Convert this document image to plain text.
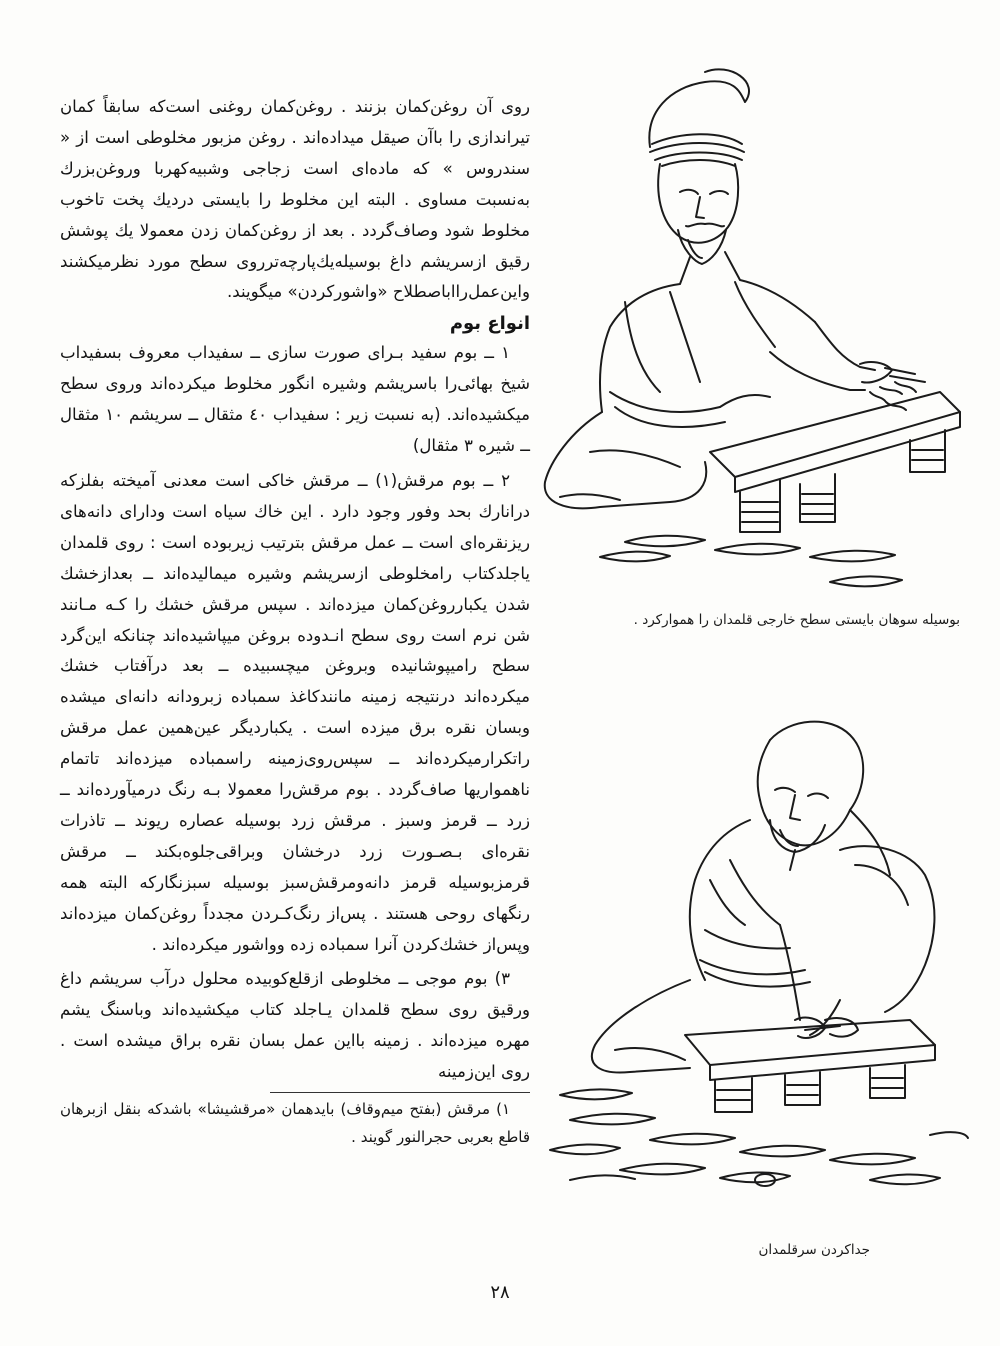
روی آن روغن‌کمان بزنند . روغن‌کمان روغنی است‌که سابقاً کمان تیراندازی را باآن صیقل میداده‌اند . روغن مزبور مخلوطی است از « سندروس » که ماده‌ای است زجاجی وشبیه‌کهربا وروغن‌بزرك به‌نسبت مساوی . البته این مخلوط را بایستی دردیك پخت تاخوب مخلوط شود وصاف‌گردد . بعد از روغن‌کمان زدن معمولا يك پوشش رقیق ازسریشم داغ بوسیله‌يك‌پارچه‌تررو‌ی سطح مورد نظرمیکشند واین‌عمل‌رااباصطلاح «واشورکردن» میگویند.

انواع بوم

۱ ــ بوم سفید بـرای صورت سازی ــ سفیداب معروف بسفیداب شیخ بهائی‌را باسریشم وشیره انگور مخلوط میکرده‌اند وروی سطح میکشیده‌اند. (به نسبت زیر : سفیداب ٤۰ مثقال ــ سریشم ۱۰ مثقال ــ شیره ۳ مثقال)

۲ ــ بوم مرقش(۱) ــ مرقش خاکی است معدنی آمیخته بفلزکه درانارك بحد وفور وجود دارد . این خاك سیاه است ودارای دانه‌های ریزنقره‌ای است ــ عمل مرقش بترتیب زیربوده است : روی قلمدان یاجلدکتاب رامخلوطی ازسریشم وشیره میمالیده‌اند ــ بعدازخشك شدن یکبارروغن‌کمان میزده‌اند . سپس مرقش خشك را کـه مـانند شن نرم است روی سطح انـدوده بروغن میپاشیده‌اند چنانکه این‌گرد سطح رامیپوشانیده وبروغن میچسبیده ــ بعد درآفتاب خشك میکرده‌اند درنتیجه زمینه مانندکاغذ سمباده زبرودانه دانه‌ای میشده وبسان نقره برق میزده است . یکباردیگر عین‌همین عمل مرقش راتکرارمیکرده‌اند ــ سپس‌روی‌زمینه راسمباده میزده‌اند تاتمام ناهمواریها صاف‌گردد . بوم مرقش‌را معمولا بـه رنگ درمیآورده‌اند ــ زرد ــ قرمز وسبز . مرقش زرد بوسیله عصاره ریوند ــ تاذرات نقره‌ای بـصـورت زرد درخشان وبراقی‌جلوه‌بکند ــ مرقش قرمزبوسیله قرمز دانه‌ومرقش‌سبز بوسیله سبزنگارکه البته همه رنگهای روحی هستند . پس‌از رنگ‌کـردن مجدداً روغن‌کمان میزده‌اند وپس‌از خشك‌کردن آنرا سمباده زده وواشور میکرده‌اند .

۳) بوم موجی ــ مخلوطی ازقلع‌کوبیده محلول درآب سریشم داغ ورقیق روی سطح قلمدان یـاجلد کتاب میکشیده‌اند وباسنگ یشم مهره میزده‌اند . زمینه بااین عمل بسان نقره براق میشده است . روی این‌زمینه

۱) مرقش (بفتح میم‌وقاف) بایدهمان «مرقشیشا» باشدکه بنقل ازبرهان قاطع بعربی حجرالنور گویند .

بوسیله سوهان بایستی سطح خارجی قلمدان را هموارکرد .
جداکردن سرقلمدان
۲۸
